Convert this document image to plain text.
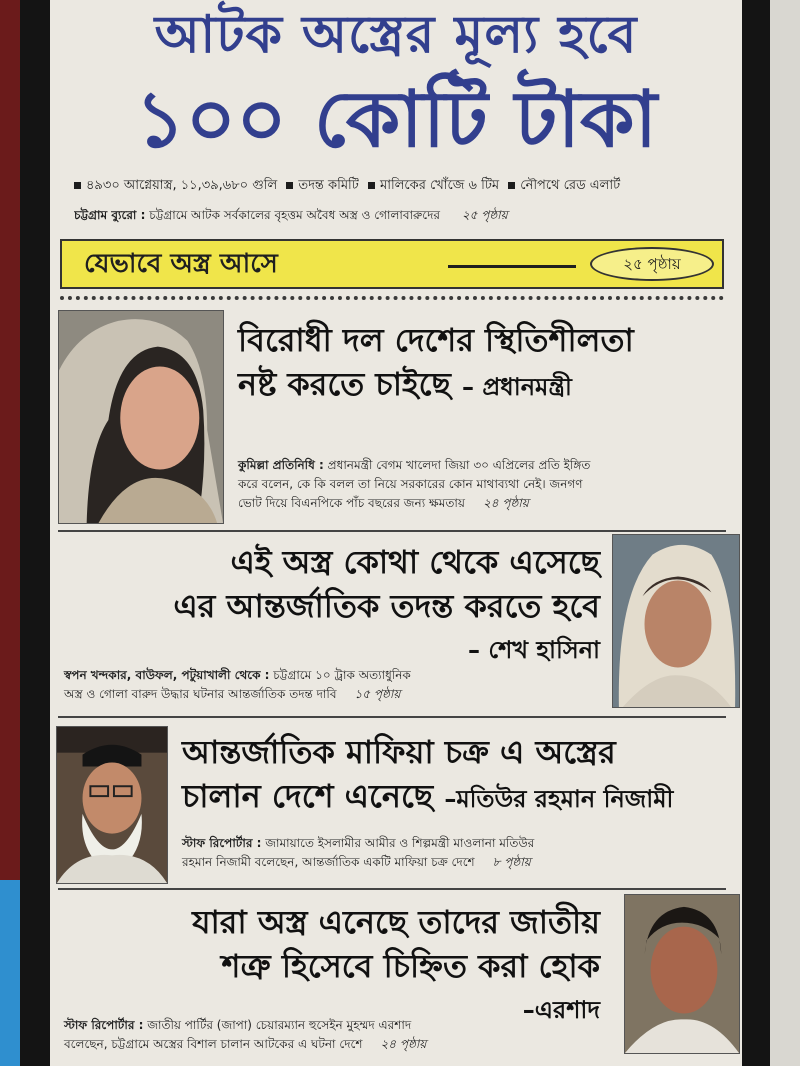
আটক অস্ত্রের মূল্য হবে
১০০ কোটি টাকা
৪৯৩০ আগ্নেয়াস্ত্র, ১১,৩৯,৬৮০ গুলি তদন্ত কমিটি মালিকের খোঁজে ৬ টিম নৌপথে রেড এলার্ট
চট্টগ্রাম ব্যুরো : চট্টগ্রামে আটক সর্বকালের বৃহত্তম অবৈধ অস্ত্র ও গোলাবারুদের ২৫ পৃষ্ঠায়
যেভাবে অস্ত্র আসে	২৫ পৃষ্ঠায়
বিরোধী দল দেশের স্থিতিশীলতা
নষ্ট করতে চাইছে – প্রধানমন্ত্রী
কুমিল্লা প্রতিনিধি : প্রধানমন্ত্রী বেগম খালেদা জিয়া ৩০ এপ্রিলের প্রতি ইঙ্গিত
করে বলেন, কে কি বলল তা নিয়ে সরকারের কোন মাথাব্যথা নেই। জনগণ
ভোট দিয়ে বিএনপিকে পাঁচ বছরের জন্য ক্ষমতায় ২৪ পৃষ্ঠায়
এই অস্ত্র কোথা থেকে এসেছে
এর আন্তর্জাতিক তদন্ত করতে হবে
– শেখ হাসিনা
স্বপন খন্দকার, বাউফল, পটুয়াখালী থেকে : চট্টগ্রামে ১০ ট্রাক অত্যাধুনিক
অস্ত্র ও গোলা বারুদ উদ্ধার ঘটনার আন্তর্জাতিক তদন্ত দাবি ১৫ পৃষ্ঠায়
আন্তর্জাতিক মাফিয়া চক্র এ অস্ত্রের
চালান দেশে এনেছে –মতিউর রহমান নিজামী
স্টাফ রিপোর্টার : জামায়াতে ইসলামীর আমীর ও শিল্পমন্ত্রী মাওলানা মতিউর
রহমান নিজামী বলেছেন, আন্তর্জাতিক একটি মাফিয়া চক্র দেশে ৮ পৃষ্ঠায়
যারা অস্ত্র এনেছে তাদের জাতীয়
শত্রু হিসেবে চিহ্নিত করা হোক
–এরশাদ
স্টাফ রিপোর্টার : জাতীয় পার্টির (জাপা) চেয়ারম্যান হুসেইন মুহম্মদ এরশাদ
বলেছেন, চট্টগ্রামে অস্ত্রের বিশাল চালান আটকের এ ঘটনা দেশে ২৪ পৃষ্ঠায়
